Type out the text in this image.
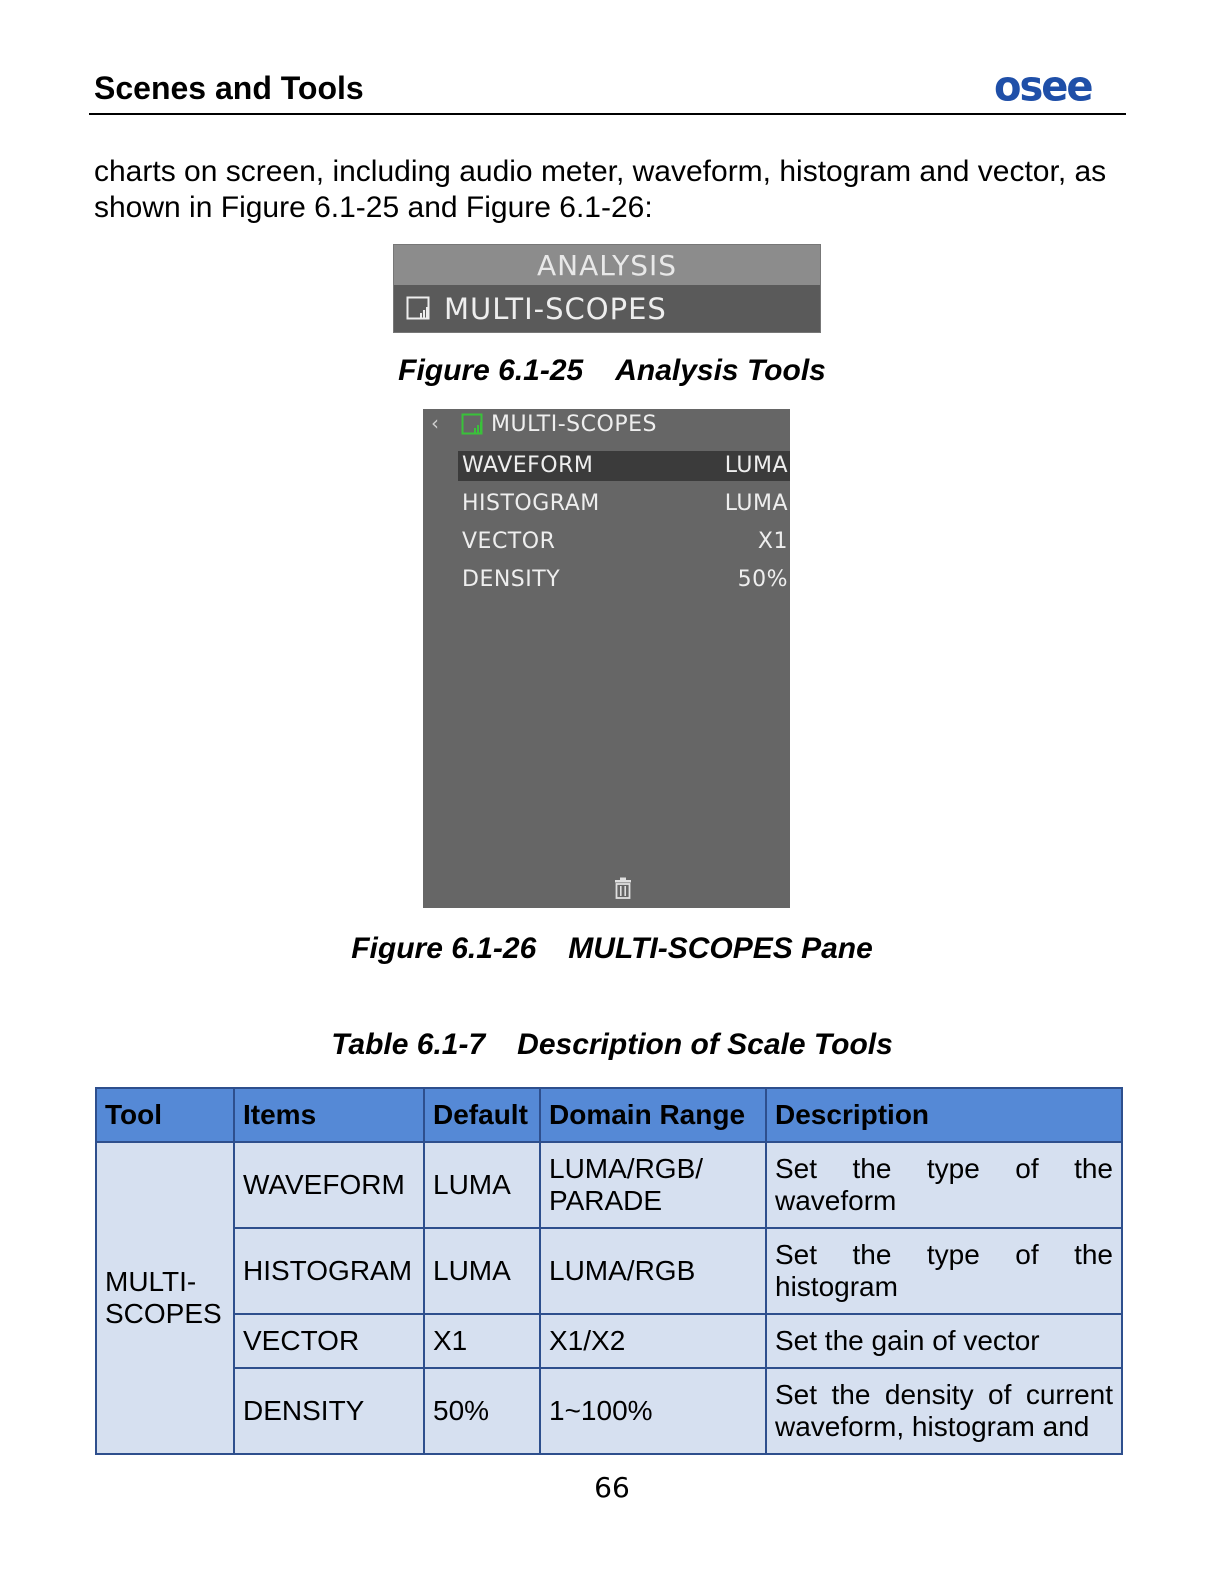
Scenes and Tools	osee
charts on screen, including audio meter, waveform, histogram and vector, as shown in Figure 6.1-25 and Figure 6.1-26:
ANALYSIS
MULTI-SCOPES
Figure 6.1-25 Analysis Tools
‹ MULTI-SCOPES
WAVEFORM	LUMA
HISTOGRAM	LUMA
VECTOR	X1
DENSITY	50%
Figure 6.1-26 MULTI-SCOPES Pane
Table 6.1-7 Description of Scale Tools
Tool	Items	Default	Domain Range	Description
MULTI-SCOPES	WAVEFORM	LUMA	LUMA/RGB/ PARADE	Set the type of the waveform
	HISTOGRAM	LUMA	LUMA/RGB	Set the type of the histogram
	VECTOR	X1	X1/X2	Set the gain of vector
	DENSITY	50%	1~100%	Set the density of current waveform, histogram and
66
